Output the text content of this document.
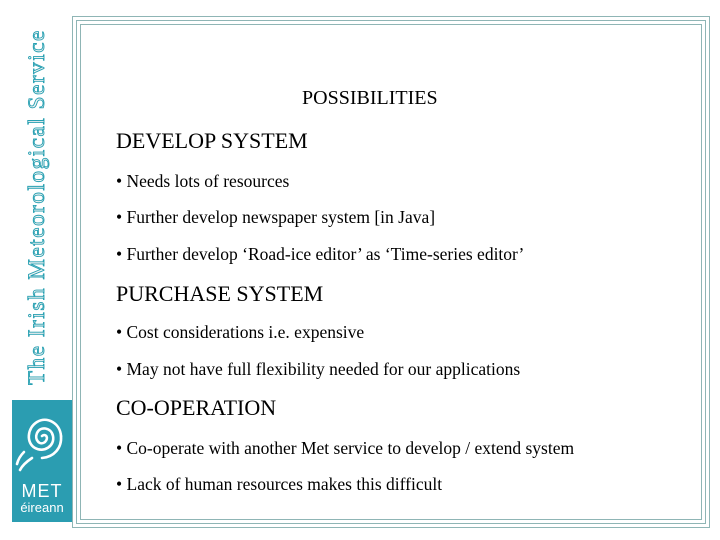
The Irish Meteorological Service
MET
éireann
POSSIBILITIES
DEVELOP SYSTEM
• Needs lots of resources
• Further develop newspaper system [in Java]
• Further develop ‘Road-ice editor’ as ‘Time-series editor’
PURCHASE SYSTEM
• Cost considerations i.e. expensive
• May not have full flexibility needed for our applications
CO-OPERATION
• Co-operate with another Met service to develop / extend system
• Lack of human resources makes this difficult
